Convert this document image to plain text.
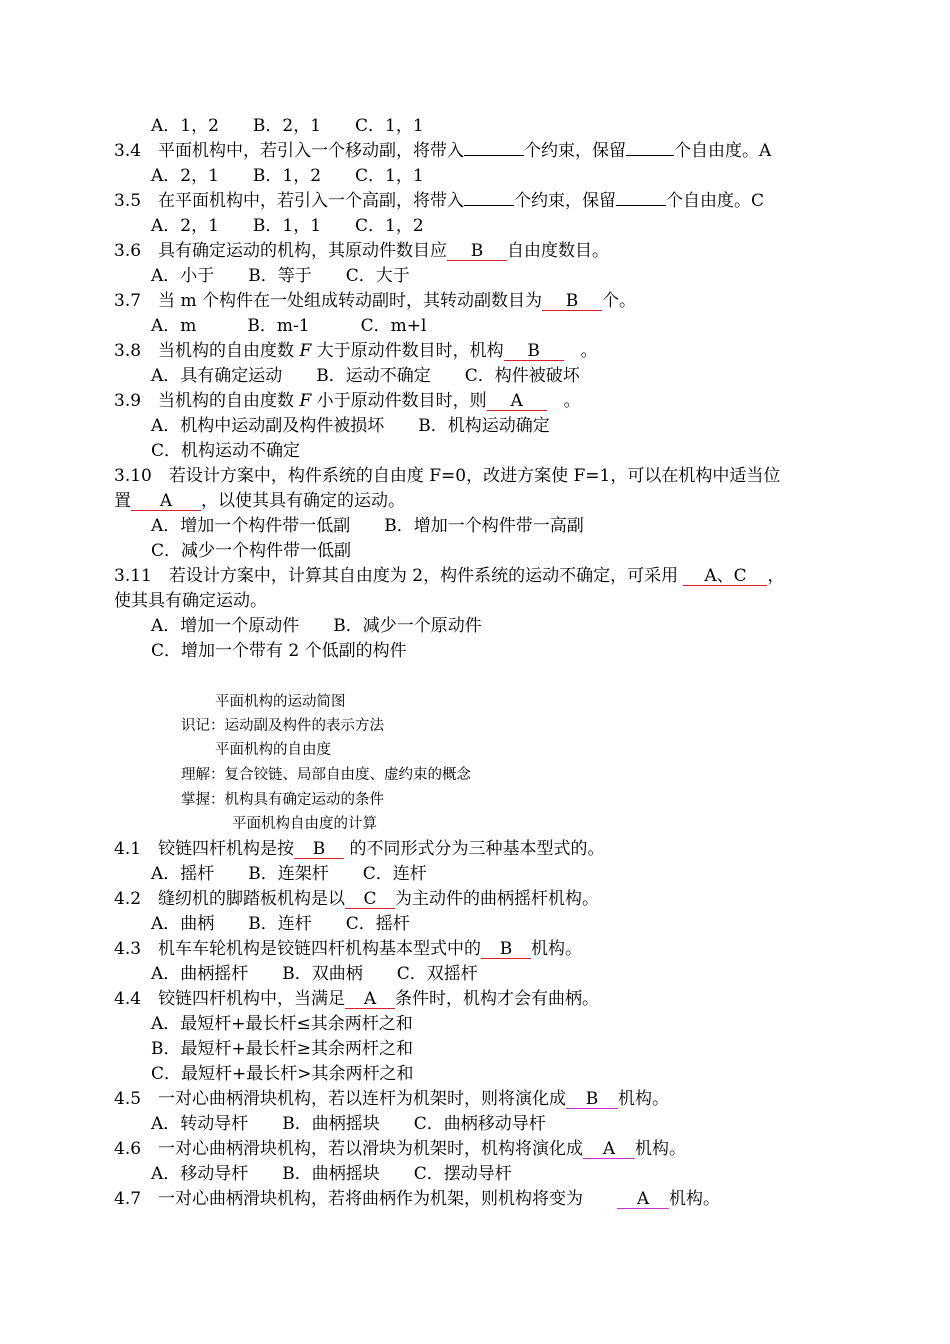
A．1，2　　B．2，1　　C．1，1
3.4　平面机构中，若引入一个移动副，将带入	个约束，保留	个自由度。A
A．2，1　　B．1，2　　C．1，1
3.5　在平面机构中，若引入一个高副，将带入	个约束，保留	个自由度。C
A．2，1　　B．1，1　　C．1，2
3.6　具有确定运动的机构，其原动件数目应 B 自由度数目。
A．小于　　B．等于　　C．大于
3.7　当 m 个构件在一处组成转动副时，其转动副数目为 B 个。
A．m　　　B．m-1　　　C．m+l
3.8　当机构的自由度数 F 大于原动件数目时，机构 B　。
A．具有确定运动　　B．运动不确定　　C．构件被破坏
3.9　当机构的自由度数 F 小于原动件数目时，则 A　。
A．机构中运动副及构件被损坏　　B．机构运动确定
C．机构运动不确定
3.10　若设计方案中，构件系统的自由度 F=0，改进方案使 F=1，可以在机构中适当位
置 A ，以使其具有确定的运动。
A．增加一个构件带一低副　　B．增加一个构件带一高副
C．减少一个构件带一低副
3.11　若设计方案中，计算其自由度为 2，构件系统的运动不确定，可采用 A、C ，
使其具有确定运动。
A．增加一个原动件　　B．减少一个原动件
C．增加一个带有 2 个低副的构件
平面机构的运动简图
识记：运动副及构件的表示方法
平面机构的自由度
理解：复合铰链、局部自由度、虚约束的概念
掌握：机构具有确定运动的条件
平面机构自由度的计算
4.1　铰链四杆机构是按 B 的不同形式分为三种基本型式的。
A．摇杆　　B．连架杆　　C．连杆
4.2　缝纫机的脚踏板机构是以 C 为主动件的曲柄摇杆机构。
A．曲柄　　B．连杆　　C．摇杆
4.3　机车车轮机构是铰链四杆机构基本型式中的 B 机构。
A．曲柄摇杆　　B．双曲柄　　C．双摇杆
4.4　铰链四杆机构中，当满足 A 条件时，机构才会有曲柄。
A．最短杆+最长杆≤其余两杆之和
B．最短杆+最长杆≥其余两杆之和
C．最短杆+最长杆>其余两杆之和
4.5　一对心曲柄滑块机构，若以连杆为机架时，则将演化成 B 机构。
A．转动导杆　　B．曲柄摇块　　C．曲柄移动导杆
4.6　一对心曲柄滑块机构，若以滑块为机架时，机构将演化成 A 机构。
A．移动导杆　　B．曲柄摇块　　C．摆动导杆
4.7　一对心曲柄滑块机构，若将曲柄作为机架，则机构将变为　　A 机构。
